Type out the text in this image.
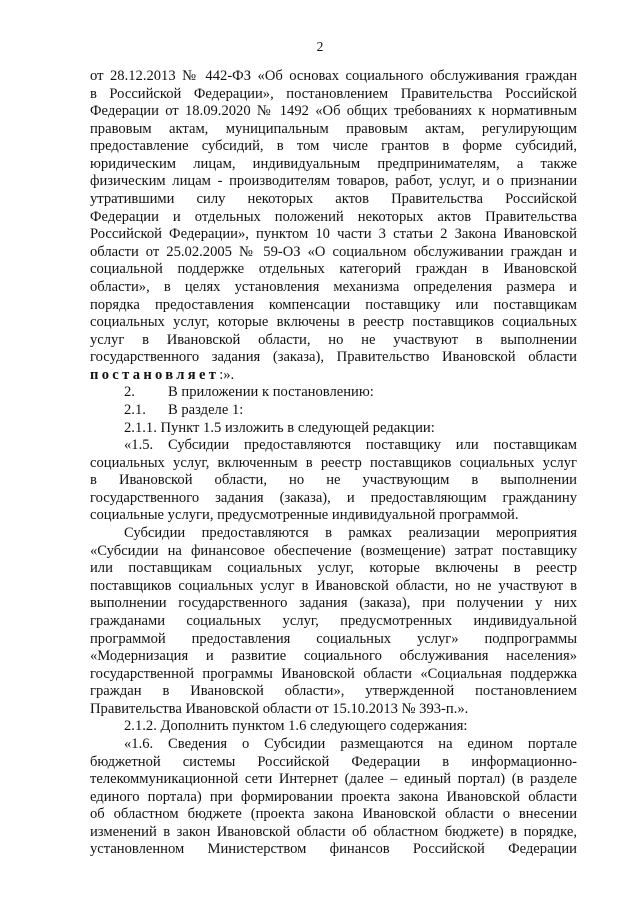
2
от 28.12.2013 № 442-ФЗ «Об основах социального обслуживания граждан
в Российской Федерации», постановлением Правительства Российской
Федерации от 18.09.2020 № 1492 «Об общих требованиях к нормативным
правовым актам, муниципальным правовым актам, регулирующим
предоставление субсидий, в том числе грантов в форме субсидий,
юридическим лицам, индивидуальным предпринимателям, а также
физическим лицам - производителям товаров, работ, услуг, и о признании
утратившими силу некоторых актов Правительства Российской
Федерации и отдельных положений некоторых актов Правительства
Российской Федерации», пунктом 10 части 3 статьи 2 Закона Ивановской
области от 25.02.2005 № 59-ОЗ «О социальном обслуживании граждан и
социальной поддержке отдельных категорий граждан в Ивановской
области», в целях установления механизма определения размера и
порядка предоставления компенсации поставщику или поставщикам
социальных услуг, которые включены в реестр поставщиков социальных
услуг в Ивановской области, но не участвуют в выполнении
государственного задания (заказа), Правительство Ивановской области
постановляет:».
2. В приложении к постановлению:
2.1. В разделе 1:
2.1.1. Пункт 1.5 изложить в следующей редакции:
«1.5. Субсидии предоставляются поставщику или поставщикам
социальных услуг, включенным в реестр поставщиков социальных услуг
в Ивановской области, но не участвующим в выполнении
государственного задания (заказа), и предоставляющим гражданину
социальные услуги, предусмотренные индивидуальной программой.
Субсидии предоставляются в рамках реализации мероприятия
«Субсидии на финансовое обеспечение (возмещение) затрат поставщику
или поставщикам социальных услуг, которые включены в реестр
поставщиков социальных услуг в Ивановской области, но не участвуют в
выполнении государственного задания (заказа), при получении у них
гражданами социальных услуг, предусмотренных индивидуальной
программой предоставления социальных услуг» подпрограммы
«Модернизация и развитие социального обслуживания населения»
государственной программы Ивановской области «Социальная поддержка
граждан в Ивановской области», утвержденной постановлением
Правительства Ивановской области от 15.10.2013 № 393-п.».
2.1.2. Дополнить пунктом 1.6 следующего содержания:
«1.6. Сведения о Субсидии размещаются на едином портале
бюджетной системы Российской Федерации в информационно-
телекоммуникационной сети Интернет (далее – единый портал) (в разделе
единого портала) при формировании проекта закона Ивановской области
об областном бюджете (проекта закона Ивановской области о внесении
изменений в закон Ивановской области об областном бюджете) в порядке,
установленном Министерством финансов Российской Федерации
